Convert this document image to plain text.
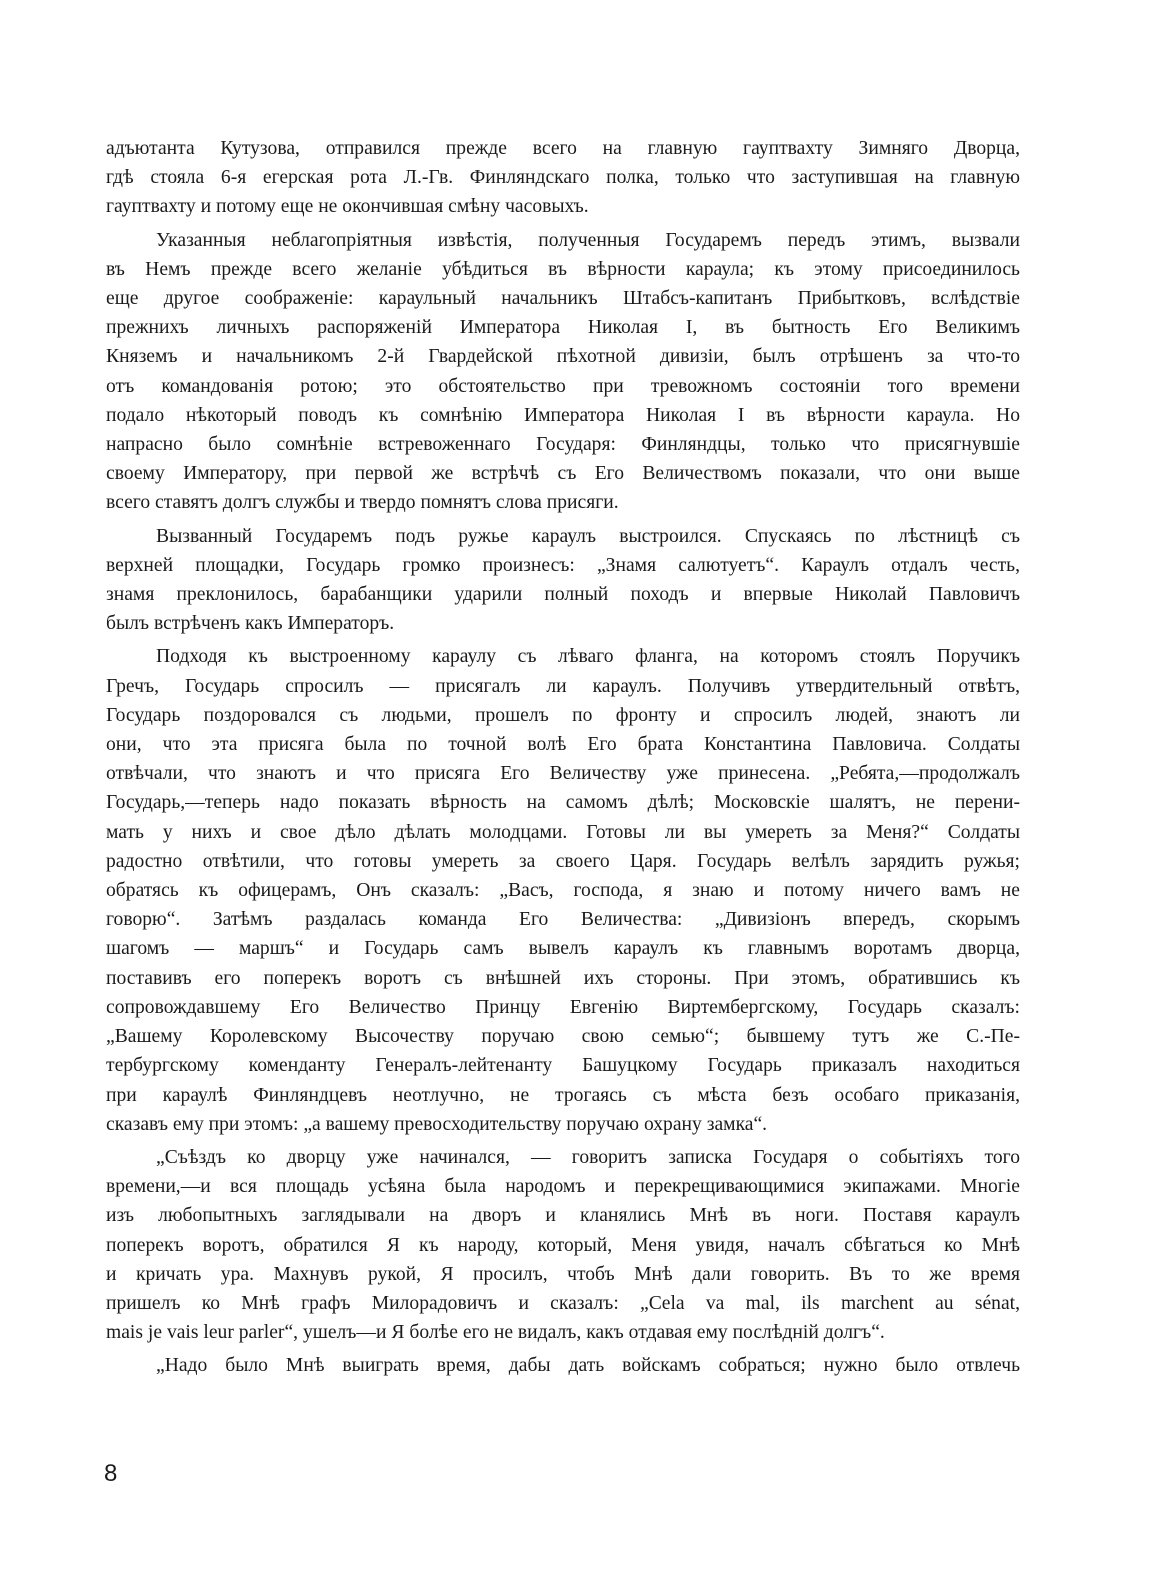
адъютанта Кутузова, отправился прежде всего на главную гауптвахту Зимняго Дворца,
гдѣ стояла 6-я егерская рота Л.-Гв. Финляндскаго полка, только что заступившая на главную
гауптвахту и потому еще не окончившая смѣну часовыхъ.
Указанныя неблагопріятныя извѣстія, полученныя Государемъ передъ этимъ, вызвали
въ Немъ прежде всего желаніе убѣдиться въ вѣрности караула; къ этому присоединилось
еще другое соображеніе: караульный начальникъ Штабсъ-капитанъ Прибытковъ, вслѣдствіе
прежнихъ личныхъ распоряженій Императора Николая I, въ бытность Его Великимъ
Княземъ и начальникомъ 2-й Гвардейской пѣхотной дивизіи, былъ отрѣшенъ за что-то
отъ командованія ротою; это обстоятельство при тревожномъ состояніи того времени
подало нѣкоторый поводъ къ сомнѣнію Императора Николая I въ вѣрности караула. Но
напрасно было сомнѣніе встревоженнаго Государя: Финляндцы, только что присягнувшіе
своему Императору, при первой же встрѣчѣ съ Его Величествомъ показали, что они выше
всего ставятъ долгъ службы и твердо помнятъ слова присяги.
Вызванный Государемъ подъ ружье караулъ выстроился. Спускаясь по лѣстницѣ съ
верхней площадки, Государь громко произнесъ: „Знамя салютуетъ“. Караулъ отдалъ честь,
знамя преклонилось, барабанщики ударили полный походъ и впервые Николай Павловичъ
былъ встрѣченъ какъ Императоръ.
Подходя къ выстроенному караулу съ лѣваго фланга, на которомъ стоялъ Поручикъ
Гречъ, Государь спросилъ — присягалъ ли караулъ. Получивъ утвердительный отвѣтъ,
Государь поздоровался съ людьми, прошелъ по фронту и спросилъ людей, знаютъ ли
они, что эта присяга была по точной волѣ Его брата Константина Павловича. Солдаты
отвѣчали, что знаютъ и что присяга Его Величеству уже принесена. „Ребята,—продолжалъ
Государь,—теперь надо показать вѣрность на самомъ дѣлѣ; Московскіе шалятъ, не перени-
мать у нихъ и свое дѣло дѣлать молодцами. Готовы ли вы умереть за Меня?“ Солдаты
радостно отвѣтили, что готовы умереть за своего Царя. Государь велѣлъ зарядить ружья;
обратясь къ офицерамъ, Онъ сказалъ: „Васъ, господа, я знаю и потому ничего вамъ не
говорю“. Затѣмъ раздалась команда Его Величества: „Дивизіонъ впередъ, скорымъ
шагомъ — маршъ“ и Государь самъ вывелъ караулъ къ главнымъ воротамъ дворца,
поставивъ его поперекъ воротъ съ внѣшней ихъ стороны. При этомъ, обратившись къ
сопровождавшему Его Величество Принцу Евгенію Виртембергскому, Государь сказалъ:
„Вашему Королевскому Высочеству поручаю свою семью“; бывшему тутъ же С.-Пе-
тербургскому коменданту Генералъ-лейтенанту Башуцкому Государь приказалъ находиться
при караулѣ Финляндцевъ неотлучно, не трогаясь съ мѣста безъ особаго приказанія,
сказавъ ему при этомъ: „а вашему превосходительству поручаю охрану замка“.
„Съѣздъ ко дворцу уже начинался, — говоритъ записка Государя о событіяхъ того
времени,—и вся площадь усѣяна была народомъ и перекрещивающимися экипажами. Многіе
изъ любопытныхъ заглядывали на дворъ и кланялись Мнѣ въ ноги. Поставя караулъ
поперекъ воротъ, обратился Я къ народу, который, Меня увидя, началъ сбѣгаться ко Мнѣ
и кричать ура. Махнувъ рукой, Я просилъ, чтобъ Мнѣ дали говорить. Въ то же время
пришелъ ко Мнѣ графъ Милорадовичъ и сказалъ: „Cela va mal, ils marchent au sénat,
mais je vais leur parler“, ушелъ—и Я болѣе его не видалъ, какъ отдавая ему послѣдній долгъ“.
„Надо было Мнѣ выиграть время, дабы дать войскамъ собраться; нужно было отвлечь
8
